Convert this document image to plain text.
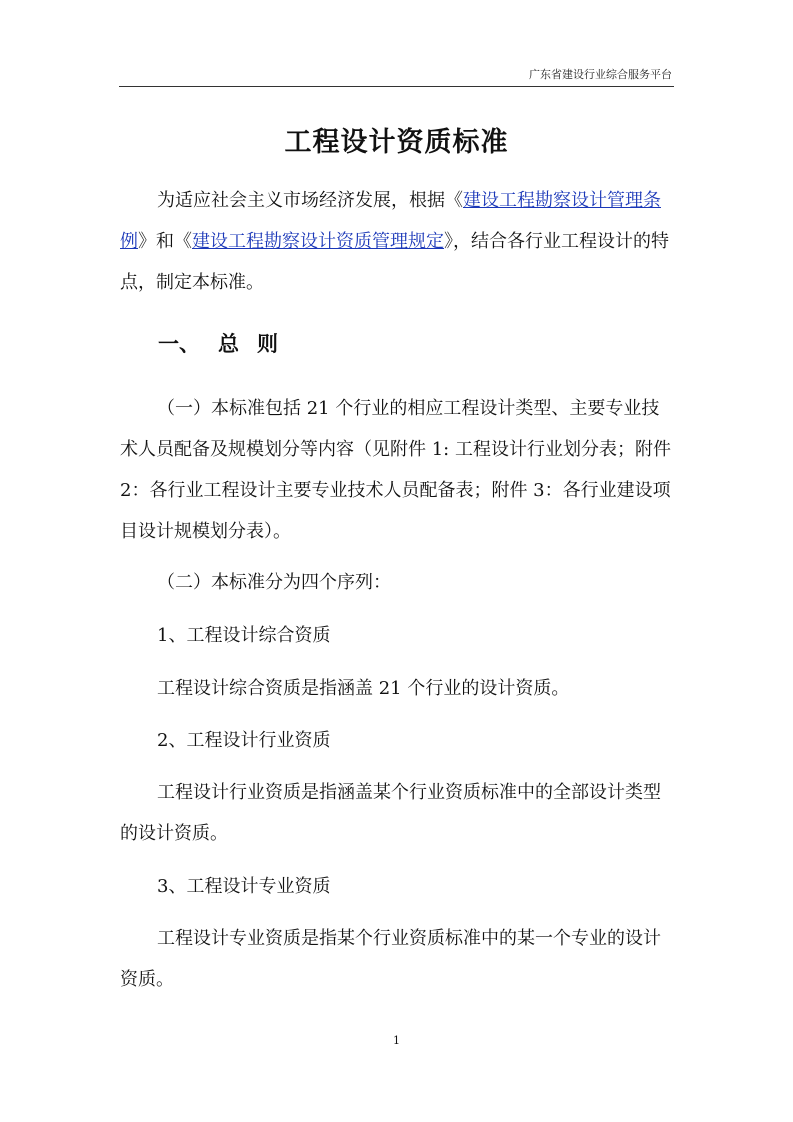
广东省建设行业综合服务平台
工程设计资质标准

为适应社会主义市场经济发展，根据《建设工程勘察设计管理条例》和《建设工程勘察设计资质管理规定》，结合各行业工程设计的特点，制定本标准。

一、 总 则

（一）本标准包括 21 个行业的相应工程设计类型、主要专业技术人员配备及规模划分等内容（见附件 1: 工程设计行业划分表；附件 2：各行业工程设计主要专业技术人员配备表；附件 3：各行业建设项目设计规模划分表）。

（二）本标准分为四个序列：

1、工程设计综合资质

工程设计综合资质是指涵盖 21 个行业的设计资质。

2、工程设计行业资质

工程设计行业资质是指涵盖某个行业资质标准中的全部设计类型的设计资质。

3、工程设计专业资质

工程设计专业资质是指某个行业资质标准中的某一个专业的设计资质。

1
